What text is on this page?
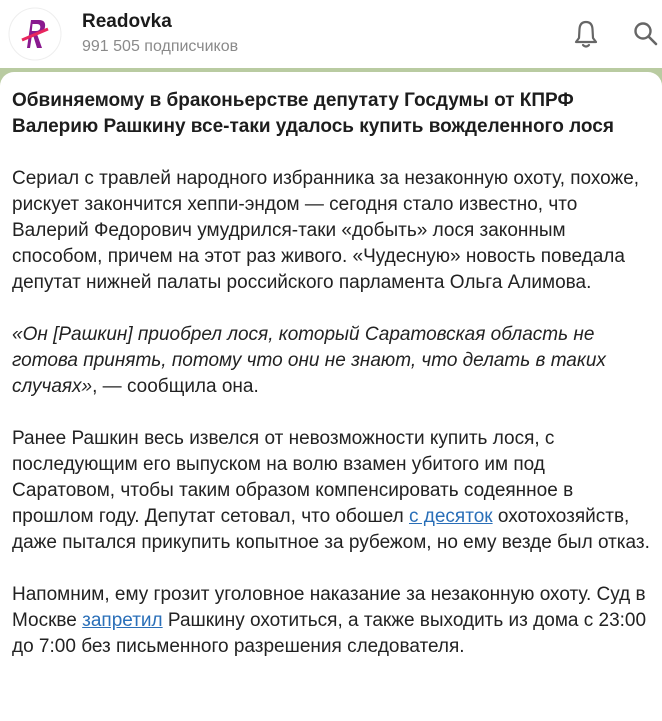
Readovka
991 505 подписчиков

Обвиняемому в браконьерстве депутату Госдумы от КПРФ Валерию Рашкину все-таки удалось купить вожделенного лося

Сериал с травлей народного избранника за незаконную охоту, похоже, рискует закончится хеппи-эндом — сегодня стало известно, что Валерий Федорович умудрился-таки «добыть» лося законным способом, причем на этот раз живого. «Чудесную» новость поведала депутат нижней палаты российского парламента Ольга Алимова.

«Он [Рашкин] приобрел лося, который Саратовская область не готова принять, потому что они не знают, что делать в таких случаях», — сообщила она.

Ранее Рашкин весь извелся от невозможности купить лося, с последующим его выпуском на волю взамен убитого им под Саратовом, чтобы таким образом компенсировать содеянное в прошлом году. Депутат сетовал, что обошел с десяток охотохозяйств, даже пытался прикупить копытное за рубежом, но ему везде был отказ.

Напомним, ему грозит уголовное наказание за незаконную охоту. Суд в Москве запретил Рашкину охотиться, а также выходить из дома с 23:00 до 7:00 без письменного разрешения следователя.
